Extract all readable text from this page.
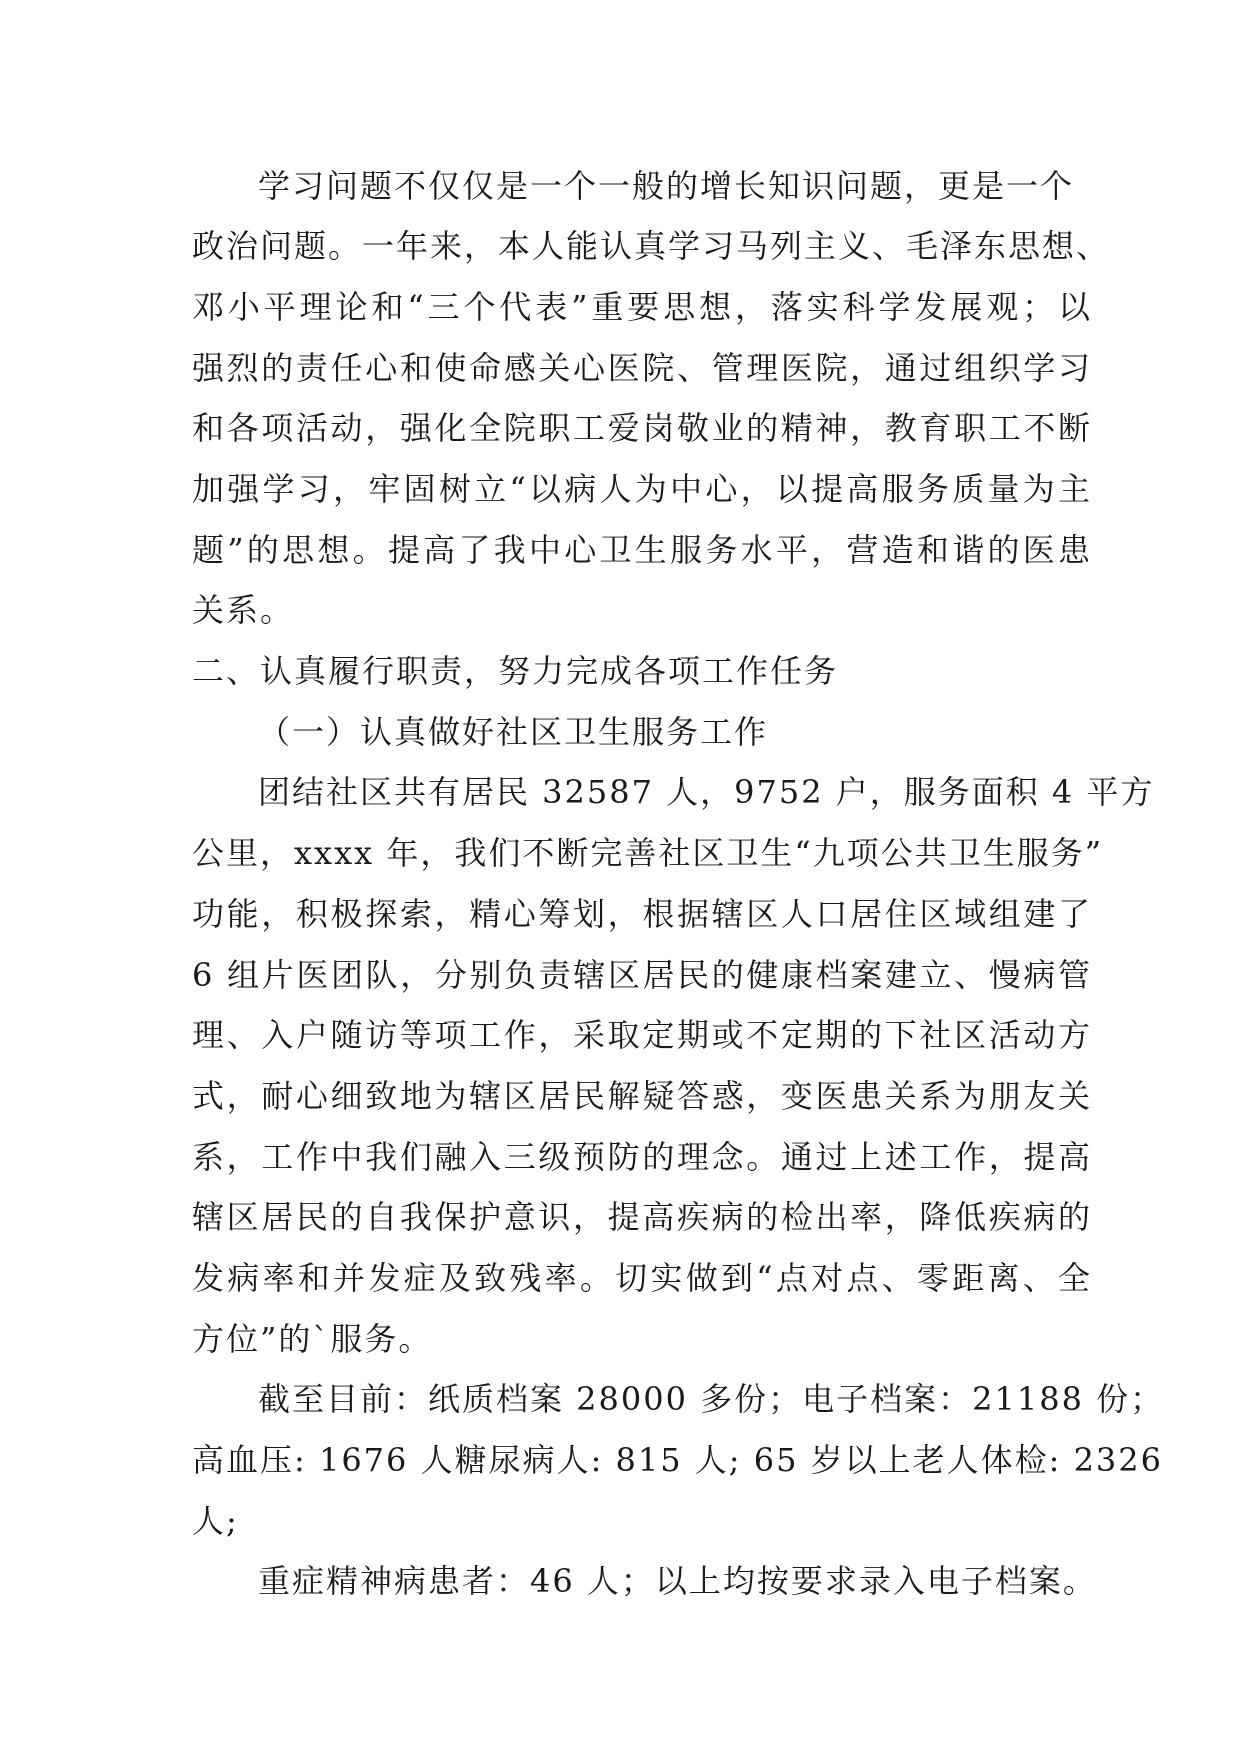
学习问题不仅仅是一个一般的增长知识问题，更是一个
政治问题。一年来，本人能认真学习马列主义、毛泽东思想、
邓小平理论和“三个代表”重要思想，落实科学发展观；以
强烈的责任心和使命感关心医院、管理医院，通过组织学习
和各项活动，强化全院职工爱岗敬业的精神，教育职工不断
加强学习，牢固树立“以病人为中心，以提高服务质量为主
题”的思想。提高了我中心卫生服务水平，营造和谐的医患
关系。
二、认真履行职责，努力完成各项工作任务
（一）认真做好社区卫生服务工作
团结社区共有居民 32587 人，9752 户，服务面积 4 平方
公里，xxxx 年，我们不断完善社区卫生“九项公共卫生服务”
功能，积极探索，精心筹划，根据辖区人口居住区域组建了
6 组片医团队，分别负责辖区居民的健康档案建立、慢病管
理、入户随访等项工作，采取定期或不定期的下社区活动方
式，耐心细致地为辖区居民解疑答惑，变医患关系为朋友关
系，工作中我们融入三级预防的理念。通过上述工作，提高
辖区居民的自我保护意识，提高疾病的检出率，降低疾病的
发病率和并发症及致残率。切实做到“点对点、零距离、全
方位”的`服务。
截至目前：纸质档案 28000 多份；电子档案：21188 份；
高血压: 1676 人糖尿病人: 815 人; 65 岁以上老人体检: 2326
人;
重症精神病患者：46 人；以上均按要求录入电子档案。
